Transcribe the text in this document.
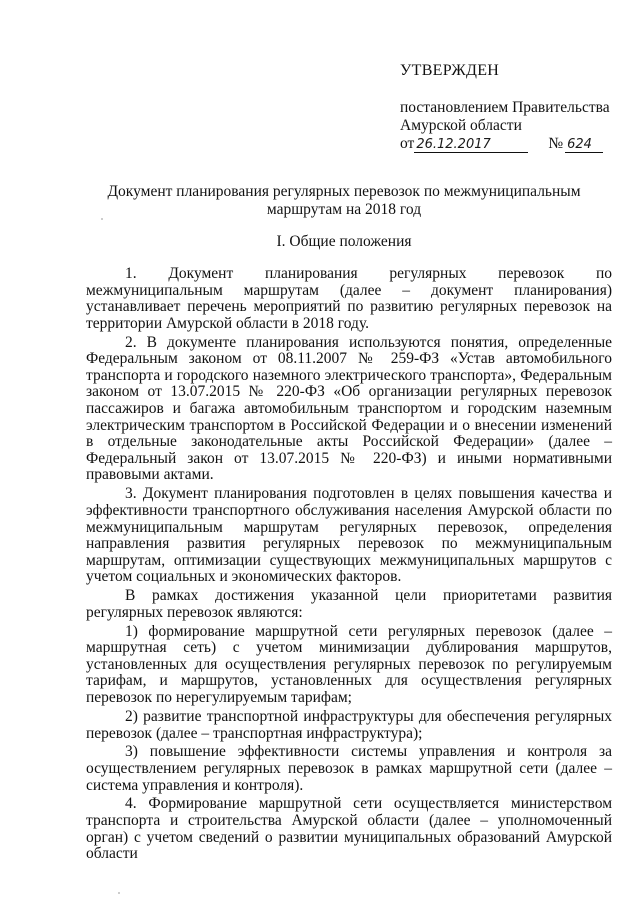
УТВЕРЖДЕН
постановлением Правительства
Амурской области
от 26.12.2017	№ 624
Документ планирования регулярных перевозок по межмуниципальным маршрутам на 2018 год
I. Общие положения

1. Документ планирования регулярных перевозок по межмуниципальным маршрутам (далее – документ планирования) устанавливает перечень мероприятий по развитию регулярных перевозок на территории Амурской области в 2018 году.

2. В документе планирования используются понятия, определенные Федеральным законом от 08.11.2007 № 259-ФЗ «Устав автомобильного транспорта и городского наземного электрического транспорта», Федеральным законом от 13.07.2015 № 220-ФЗ «Об организации регулярных перевозок пассажиров и багажа автомобильным транспортом и городским наземным электрическим транспортом в Российской Федерации и о внесении изменений в отдельные законодательные акты Российской Федерации» (далее – Федеральный закон от 13.07.2015 № 220-ФЗ) и иными нормативными правовыми актами.

3. Документ планирования подготовлен в целях повышения качества и эффективности транспортного обслуживания населения Амурской области по межмуниципальным маршрутам регулярных перевозок, определения направления развития регулярных перевозок по межмуниципальным маршрутам, оптимизации существующих межмуниципальных маршрутов с учетом социальных и экономических факторов.

В рамках достижения указанной цели приоритетами развития регулярных перевозок являются:

1) формирование маршрутной сети регулярных перевозок (далее – маршрутная сеть) с учетом минимизации дублирования маршрутов, установленных для осуществления регулярных перевозок по регулируемым тарифам, и маршрутов, установленных для осуществления регулярных перевозок по нерегулируемым тарифам;

2) развитие транспортной инфраструктуры для обеспечения регулярных перевозок (далее – транспортная инфраструктура);

3) повышение эффективности системы управления и контроля за осуществлением регулярных перевозок в рамках маршрутной сети (далее – система управления и контроля).

4. Формирование маршрутной сети осуществляется министерством транспорта и строительства Амурской области (далее – уполномоченный орган) с учетом сведений о развитии муниципальных образований Амурской области
